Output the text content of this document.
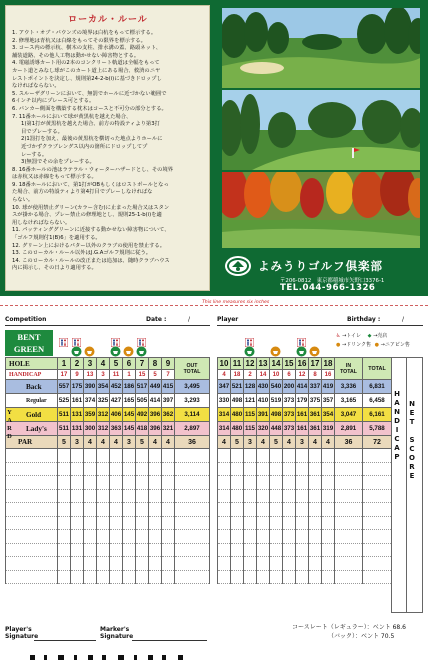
ローカル・ルール
1. アウト・オブ・バウンズの境界は白杭をもって標示する。
2. 修理地は青杭又は白線をもってその限界を標示する。
3. コース内の標示杭、樹木の支柱、排水溝の蓋、路頭ネット、
舗装道路、その他人工物は動かせない障害物とする。
4. 電磁誘導カート用の2本のコンクリート軌道は全幅をもって
カート道とみなし球がこのカート道上にある場合、救済のニヤ
レストポイントを決定し、規則第24-2-b(i)に基づきドロップし
なければならない。
5. スルーザグリーンにおいて、無罰でホールに近づかない範囲で
6インチ以内にプレース可とする。
6. バンカー側面を構築する枕木はコースと不可分の部分とする。
7. 11番ホールにおいて球が黄黒杭を越えた場合、
1)第1打が黄黒杭を越えた場合、前方の特設ティより第3打
目でプレーする。
2)1罰打を加え、最後の黄黒杭を横切った地点よりホールに
近づかずクラブレングス以内の箇所にドロップしてプ
レーする。
3)無罰でその余をプレーする。
8. 16番ホールの池はラテラル・ウォーターハザードとし、その境界
は赤杭又は赤線をもって標示する。
9. 18番ホールにおいて、第1打がOBもしくはロストボールとなっ
た場合、前方の特設ティより第4打目でプレーしなければな
らない。
10. 球が使用禁止グリーン(カラー含む)に止まった場合又はスタン
スが掛かる場合、プレー禁止の修理地とし、規則25-1-b(i)を適
用しなければならない。
11. パッティンググリーンに近接する動かせない障害物について、
「ゴルフ規則付1(B)6」を適用する。
12. グリーン上におけるパター以外のクラブの使用を禁止する。
13. このローカル・ルール以外はJ.G.Aゴルフ規則に従う。
14. このローカル・ルールの改正または追加は、随時クラブハウス
内に掲示し、その日より適用する。	よみうりゴルフ倶楽部
〒206-0812　東京都稲城市矢野口3376-1
TEL.044-966-1326
This line measures six inches
Competition	Date :	/	Player	Birthday :	/
BENT
GREEN
♿ →トイレ ◆ →売店
● →ドリンク售 ● →ニアピン售
HOLE	1	2	3	4	5	6	7	8	9	OUT
TOTAL
HANDICAP	17	9	13	3	11	1	15	5	7	
Back	557	175	390	354	452	186	517	449	415	3,495
Regular	525	161	374	325	427	165	505	414	397	3,293
Gold	511	131	359	312	406	145	492	396	362	3,114
Lady's	511	131	300	312	363	145	418	396	321	2,897
PAR	5	3	4	4	4	3	5	4	4	36

YARD
10	11	12	13	14	15	16	17	18	IN
TOTAL	TOTAL
4	18	2	14	10	6	12	8	16		
347	521	128	430	540	200	414	337	419	3,336	6,831
330	498	121	410	519	373	179	375	357	3,165	6,458
314	480	115	391	498	373	161	361	354	3,047	6,161
314	480	115	320	448	373	161	361	319	2,891	5,788
4	5	3	4	5	4	3	4	4	36	72

										HANDICAP NET SCORE
コースレート（レギュラー）：ベント 68.6
（バック）：ベント 70.5
Player's
Signature
Marker's
Signature
